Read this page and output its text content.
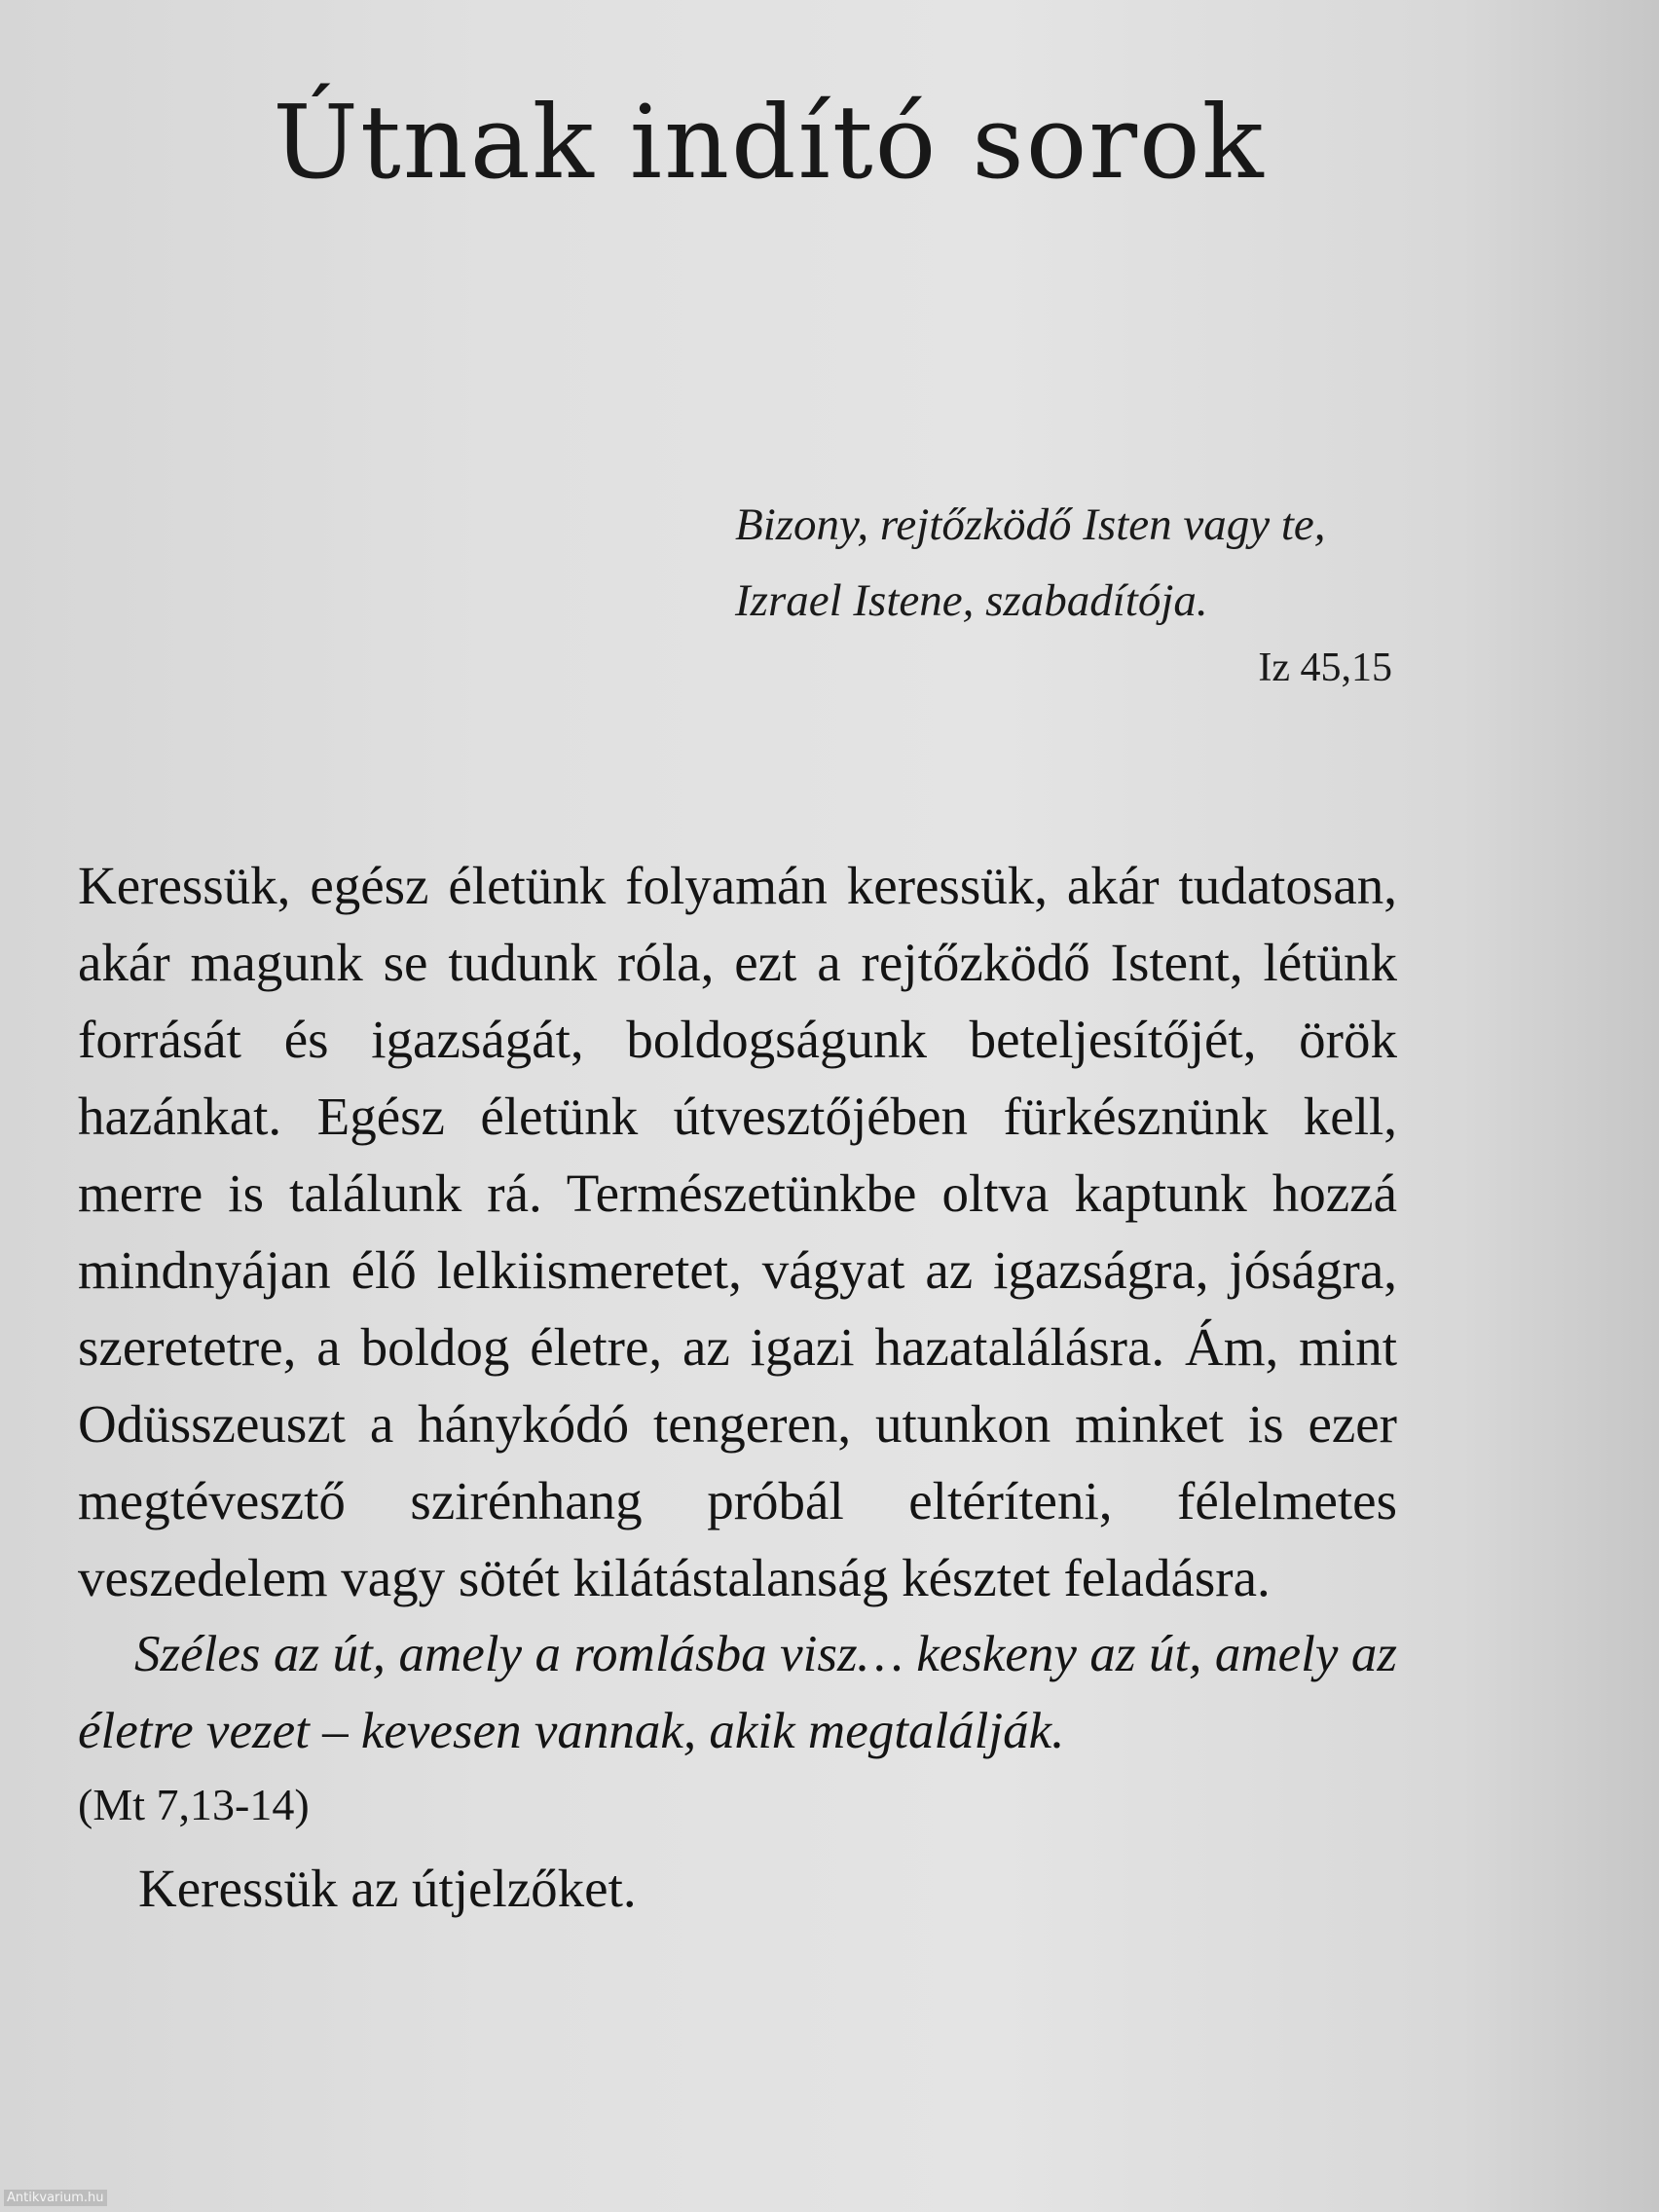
Útnak indító sorok
Bizony, rejtőzködő Isten vagy te,
Izrael Istene, szabadítója.
Iz 45,15

Keressük, egész életünk folyamán keressük, akár tudatosan, akár magunk se tudunk róla, ezt a rejtőzködő Istent, létünk forrását és igazságát, boldogságunk beteljesítőjét, örök hazánkat. Egész életünk útvesztőjében fürkésznünk kell, merre is találunk rá. Természetünkbe oltva kaptunk hozzá mindnyájan élő lelkiismeretet, vágyat az igazságra, jóságra, szeretetre, a boldog életre, az igazi hazatalálásra. Ám, mint Odüsszeuszt a hánykódó tengeren, utunkon minket is ezer megtévesztő szirénhang próbál eltéríteni, félelmetes veszedelem vagy sötét kilátástalanság késztet feladásra.

Széles az út, amely a romlásba visz… keskeny az út, amely az életre vezet – kevesen vannak, akik megtalálják.

(Mt 7,13-14)

Keressük az útjelzőket.

Antikvarium.hu
